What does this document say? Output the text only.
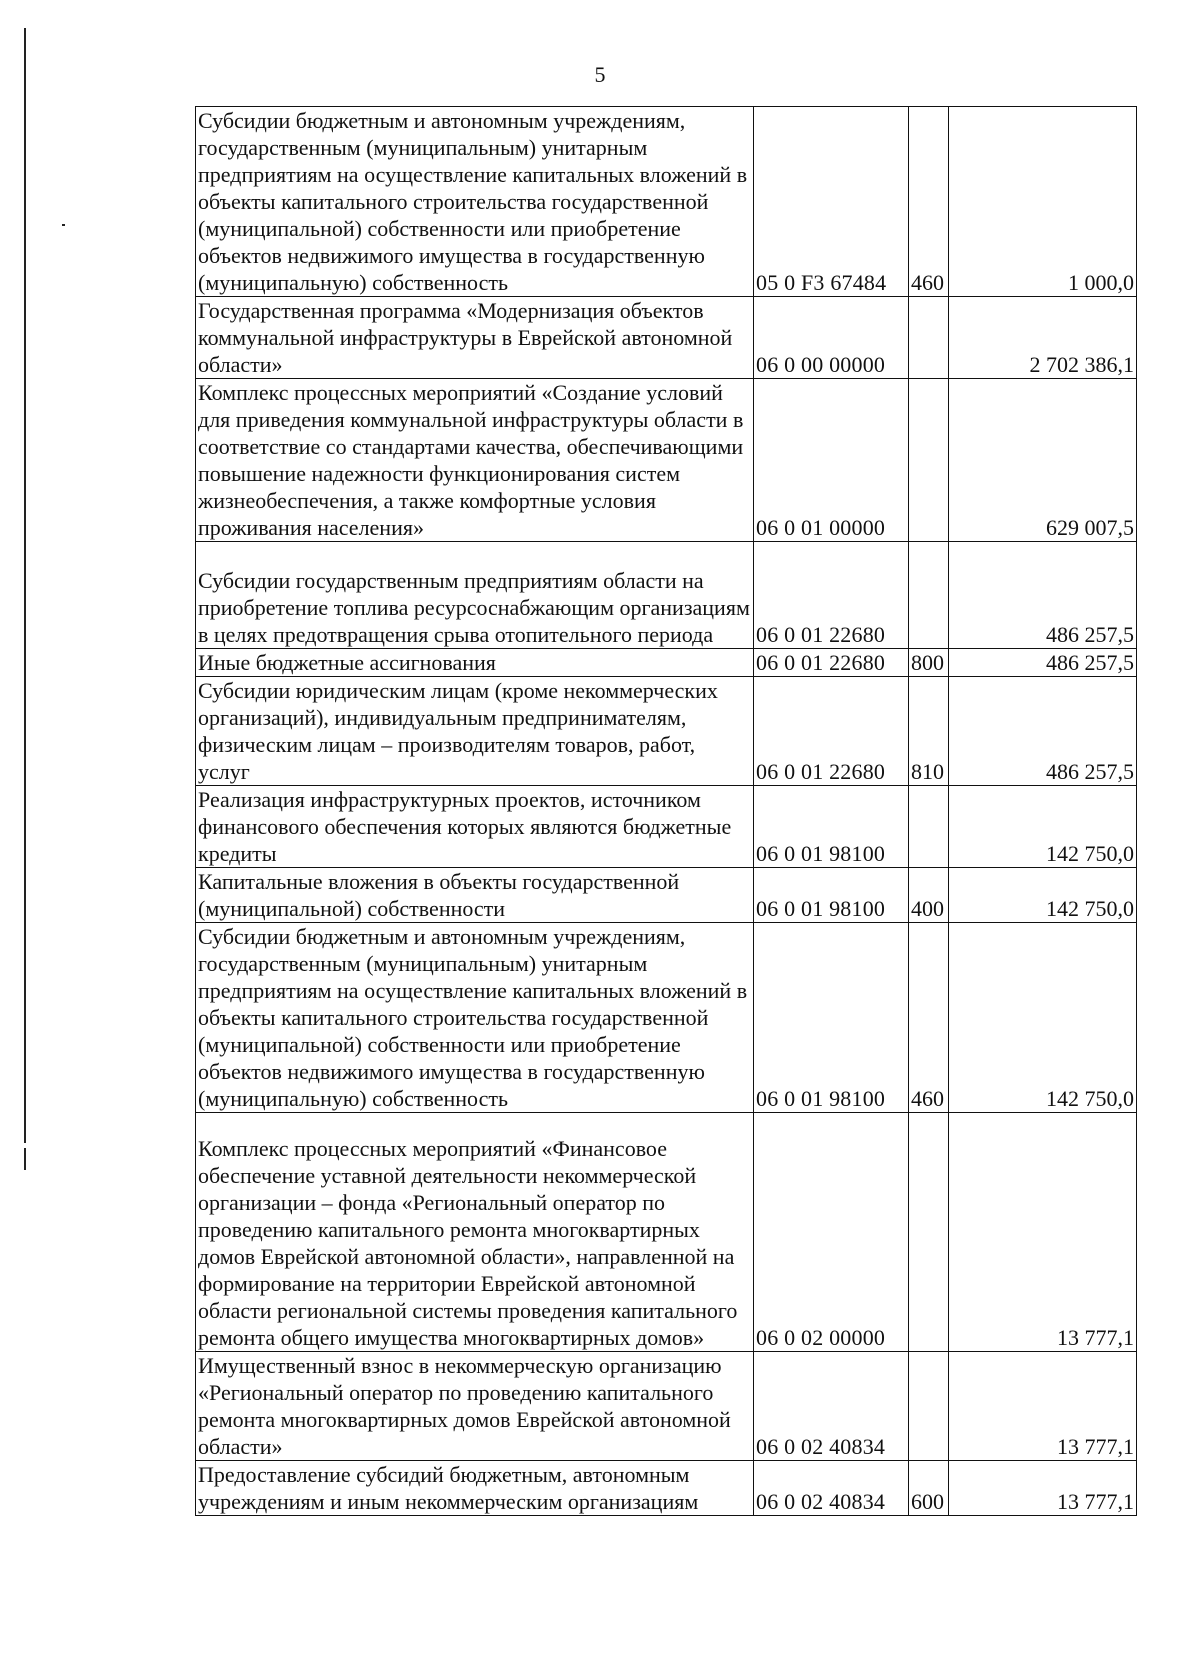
5
Субсидии бюджетным и автономным учреждениям, государственным (муниципальным) унитарным предприятиям на осуществление капитальных вложений в объекты капитального строительства государственной (муниципальной) собственности или приобретение объектов недвижимого имущества в государственную (муниципальную) собственность	05 0 F3 67484	460	1 000,0
Государственная программа «Модернизация объектов коммунальной инфраструктуры в Еврейской автономной области»	06 0 00 00000		2 702 386,1
Комплекс процессных мероприятий «Создание условий для приведения коммунальной инфраструктуры области в соответствие со стандартами качества, обеспечивающими повышение надежности функционирования систем жизнеобеспечения, а также комфортные условия проживания населения»	06 0 01 00000		629 007,5
Субсидии государственным предприятиям области на приобретение топлива ресурсоснабжающим организациям в целях предотвращения срыва отопительного периода	06 0 01 22680		486 257,5
Иные бюджетные ассигнования	06 0 01 22680	800	486 257,5
Субсидии юридическим лицам (кроме некоммерческих организаций), индивидуальным предпринимателям, физическим лицам – производителям товаров, работ, услуг	06 0 01 22680	810	486 257,5
Реализация инфраструктурных проектов, источником финансового обеспечения которых являются бюджетные кредиты	06 0 01 98100		142 750,0
Капитальные вложения в объекты государственной (муниципальной) собственности	06 0 01 98100	400	142 750,0
Субсидии бюджетным и автономным учреждениям, государственным (муниципальным) унитарным предприятиям на осуществление капитальных вложений в объекты капитального строительства государственной (муниципальной) собственности или приобретение объектов недвижимого имущества в государственную (муниципальную) собственность	06 0 01 98100	460	142 750,0
Комплекс процессных мероприятий «Финансовое обеспечение уставной деятельности некоммерческой организации – фонда «Региональный оператор по проведению капитального ремонта многоквартирных домов Еврейской автономной области», направленной на формирование на территории Еврейской автономной области региональной системы проведения капитального ремонта общего имущества многоквартирных домов»	06 0 02 00000		13 777,1
Имущественный взнос в некоммерческую организацию «Региональный оператор по проведению капитального ремонта многоквартирных домов Еврейской автономной области»	06 0 02 40834		13 777,1
Предоставление субсидий бюджетным, автономным учреждениям и иным некоммерческим организациям	06 0 02 40834	600	13 777,1
